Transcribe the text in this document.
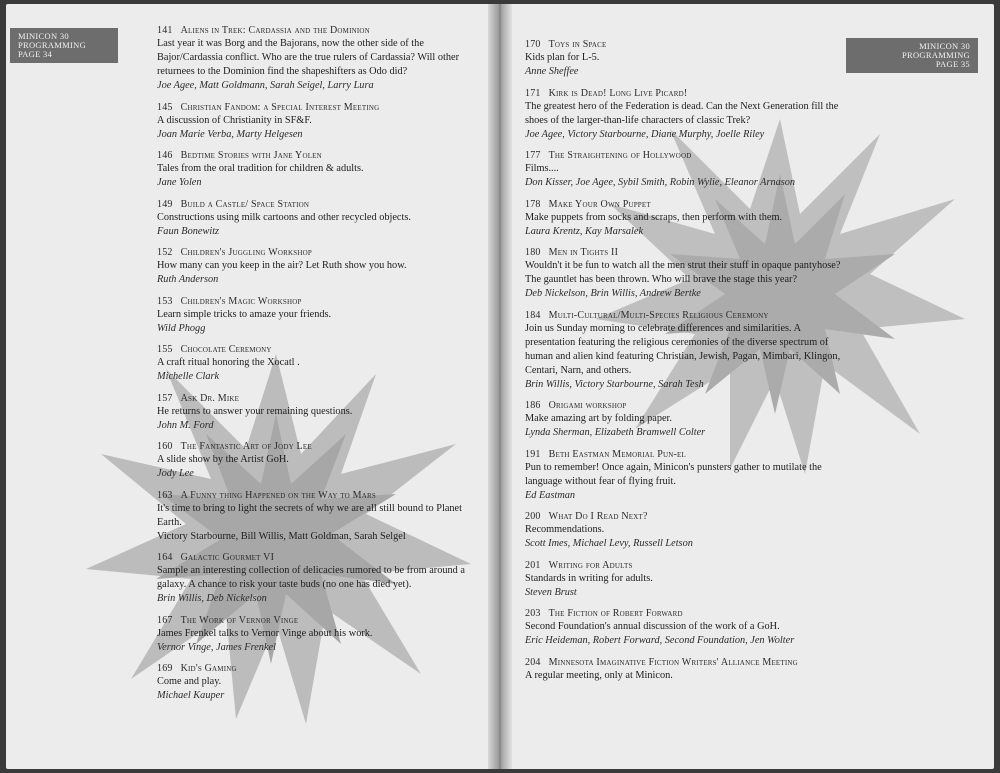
MINICON 30
PROGRAMMING
PAGE 34
MINICON 30
PROGRAMMING
PAGE 35
141 Aliens in Trek: Cardassia and the Dominion
Last year it was Borg and the Bajorans, now the other side of the Bajor/Cardassia conflict. Who are the true rulers of Cardassia? Will other returnees to the Dominion find the shapeshifters as Odo did?
Joe Agee, Matt Goldmann, Sarah Seigel, Larry Lura
145 Christian Fandom: a Special Interest Meeting
A discussion of Christianity in SF&F.
Joan Marie Verba, Marty Helgesen
146 Bedtime Stories with Jane Yolen
Tales from the oral tradition for children & adults.
Jane Yolen
149 Build a Castle/ Space Station
Constructions using milk cartoons and other recycled objects.
Faun Bonewitz
152 Children's Juggling Workshop
How many can you keep in the air? Let Ruth show you how.
Ruth Anderson
153 Children's Magic Workshop
Learn simple tricks to amaze your friends.
Wild Phogg
155 Chocolate Ceremony
A craft ritual honoring the Xocatl .
Michelle Clark
157 Ask Dr. Mike
He returns to answer your remaining questions.
John M. Ford
160 The Fantastic Art of Jody Lee
A slide show by the Artist GoH.
Jody Lee
163 A Funny thing Happened on the Way to Mars
It's time to bring to light the secrets of why we are all still bound to Planet Earth.
Victory Starbourne, Bill Willis, Matt Goldman, Sarah Selgel
164 Galactic Gourmet VI
Sample an interesting collection of delicacies rumored to be from around a galaxy. A chance to risk your taste buds (no one has died yet).
Brin Willis, Deb Nickelson
167 The Work of Vernor Vinge
James Frenkel talks to Vernor Vinge about his work.
Vernor Vinge, James Frenkel
169 Kid's Gaming
Come and play.
Michael Kauper
170 Toys in Space
Kids plan for L-5.
Anne Sheffee
171 Kirk is Dead! Long Live Picard!
The greatest hero of the Federation is dead. Can the Next Generation fill the shoes of the larger-than-life characters of classic Trek?
Joe Agee, Victory Starbourne, Diane Murphy, Joelle Riley
177 The Straightening of Hollywood
Films....
Don Kisser, Joe Agee, Sybil Smith, Robin Wylie, Eleanor Arnason
178 Make Your Own Puppet
Make puppets from socks and scraps, then perform with them.
Laura Krentz, Kay Marsalek
180 Men in Tights II
Wouldn't it be fun to watch all the men strut their stuff in opaque pantyhose? The gauntlet has been thrown. Who will brave the stage this year?
Deb Nickelson, Brin Willis, Andrew Bertke
184 Multi-Cultural/Multi-Species Religious Ceremony
Join us Sunday morning to celebrate differences and similarities. A presentation featuring the religious ceremonies of the diverse spectrum of human and alien kind featuring Christian, Jewish, Pagan, Mimbari, Klingon, Centari, Narn, and others.
Brin Willis, Victory Starbourne, Sarah Tesh
186 Origami workshop
Make amazing art by folding paper.
Lynda Sherman, Elizabeth Bramwell Colter
191 Beth Eastman Memorial Pun-el
Pun to remember! Once again, Minicon's punsters gather to mutilate the language without fear of flying fruit.
Ed Eastman
200 What Do I Read Next?
Recommendations.
Scott Imes, Michael Levy, Russell Letson
201 Writing for Adults
Standards in writing for adults.
Steven Brust
203 The Fiction of Robert Forward
Second Foundation's annual discussion of the work of a GoH.
Eric Heideman, Robert Forward, Second Foundation, Jen Wolter
204 Minnesota Imaginative Fiction Writers' Alliance Meeting
A regular meeting, only at Minicon.
